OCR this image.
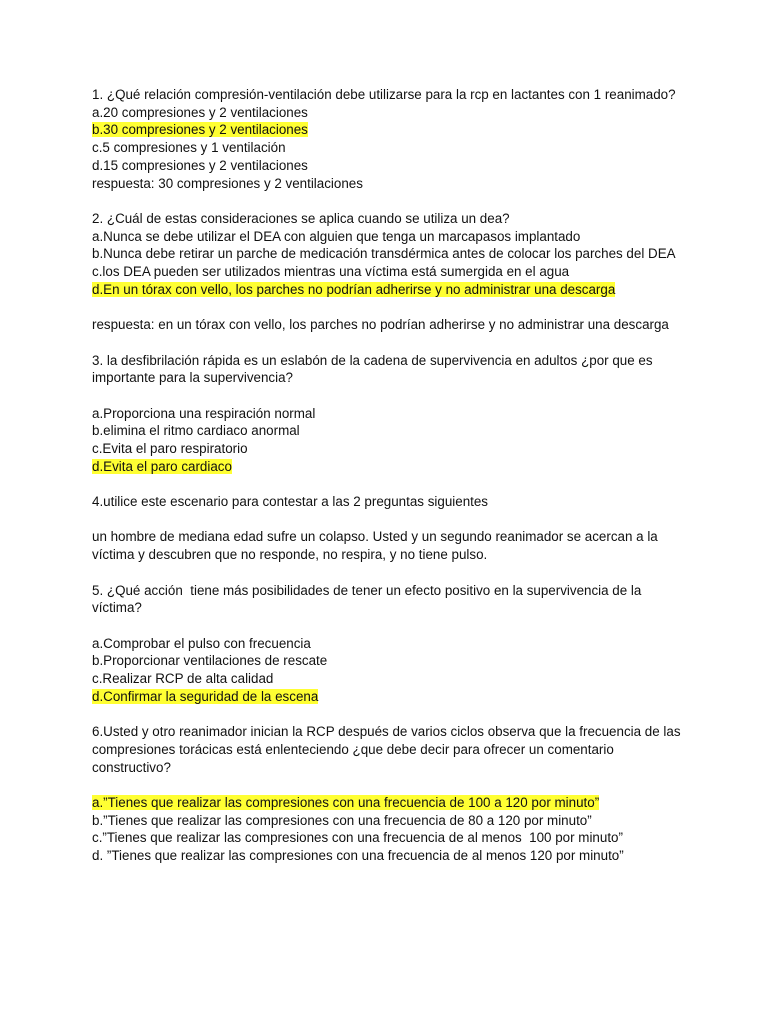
1. ¿Qué relación compresión-ventilación debe utilizarse para la rcp en lactantes con 1 reanimado?
a.20 compresiones y 2 ventilaciones
b.30 compresiones y 2 ventilaciones
c.5 compresiones y 1 ventilación
d.15 compresiones y 2 ventilaciones
respuesta: 30 compresiones y 2 ventilaciones
2. ¿Cuál de estas consideraciones se aplica cuando se utiliza un dea?
a.Nunca se debe utilizar el DEA con alguien que tenga un marcapasos implantado
b.Nunca debe retirar un parche de medicación transdérmica antes de colocar los parches del DEA
c.los DEA pueden ser utilizados mientras una víctima está sumergida en el agua
d.En un tórax con vello, los parches no podrían adherirse y no administrar una descarga
respuesta: en un tórax con vello, los parches no podrían adherirse y no administrar una descarga
3. la desfibrilación rápida es un eslabón de la cadena de supervivencia en adultos ¿por que es importante para la supervivencia?
a.Proporciona una respiración normal
b.elimina el ritmo cardiaco anormal
c.Evita el paro respiratorio
d.Evita el paro cardiaco
4.utilice este escenario para contestar a las 2 preguntas siguientes
un hombre de mediana edad sufre un colapso. Usted y un segundo reanimador se acercan a la víctima y descubren que no responde, no respira, y no tiene pulso.
5. ¿Qué acción  tiene más posibilidades de tener un efecto positivo en la supervivencia de la víctima?
a.Comprobar el pulso con frecuencia
b.Proporcionar ventilaciones de rescate
c.Realizar RCP de alta calidad
d.Confirmar la seguridad de la escena
6.Usted y otro reanimador inician la RCP después de varios ciclos observa que la frecuencia de las compresiones torácicas está enlenteciendo ¿que debe decir para ofrecer un comentario constructivo?
a.”Tienes que realizar las compresiones con una frecuencia de 100 a 120 por minuto”
b.”Tienes que realizar las compresiones con una frecuencia de 80 a 120 por minuto”
c.”Tienes que realizar las compresiones con una frecuencia de al menos  100 por minuto”
d. ”Tienes que realizar las compresiones con una frecuencia de al menos 120 por minuto”
